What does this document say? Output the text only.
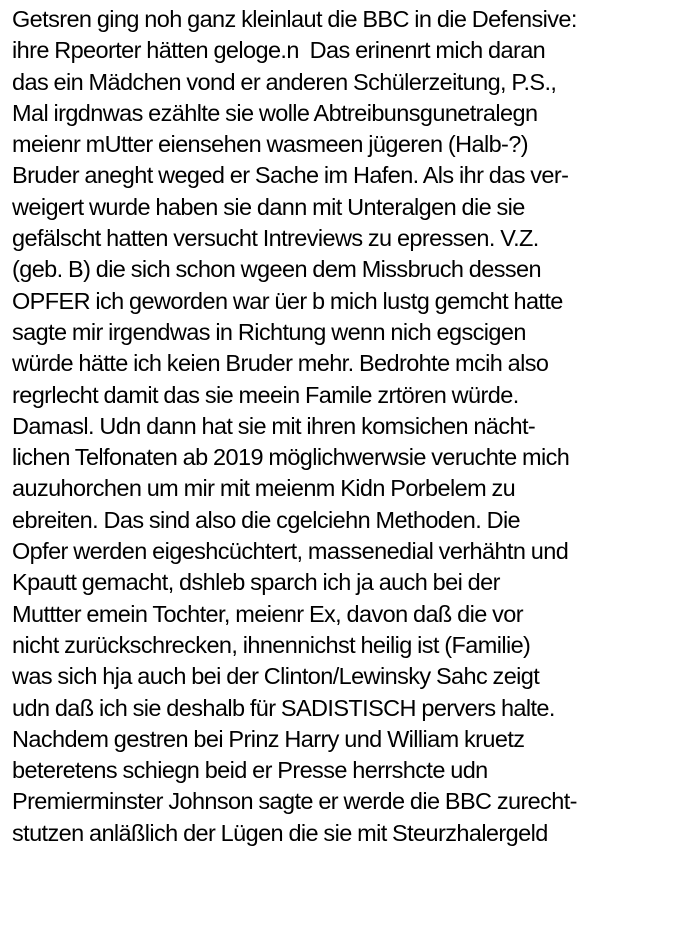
Getsren ging noh ganz kleinlaut die BBC in die Defensive:
ihre Rpeorter hätten geloge.n  Das erinenrt mich daran
das ein Mädchen vond er anderen Schülerzeitung, P.S.,
Mal irgdnwas ezählte sie wolle Abtreibunsgunetralegn
meienr mUtter eiensehen wasmeen jügeren (Halb-?)
Bruder aneght weged er Sache im Hafen. Als ihr das ver-
weigert wurde haben sie dann mit Unteralgen die sie
gefälscht hatten versucht Intreviews zu epressen. V.Z.
(geb. B) die sich schon wgeen dem Missbruch dessen
OPFER ich geworden war üer b mich lustg gemcht hatte
sagte mir irgendwas in Richtung wenn nich egscigen
würde hätte ich keien Bruder mehr. Bedrohte mcih also
regrlecht damit das sie meein Famile zrtören würde.
Damasl. Udn dann hat sie mit ihren komsichen nächt-
lichen Telfonaten ab 2019 möglichwerwsie veruchte mich
auzuhorchen um mir mit meienm Kidn Porbelem zu
ebreiten. Das sind also die cgelciehn Methoden. Die
Opfer werden eigeshcüchtert, massenedial verhähtn und
Kpautt gemacht, dshleb sparch ich ja auch bei der
Muttter emein Tochter, meienr Ex, davon daß die vor
nicht zurückschrecken, ihnennichst heilig ist (Familie)
was sich hja auch bei der Clinton/Lewinsky Sahc zeigt
udn daß ich sie deshalb für SADISTISCH pervers halte.
Nachdem gestren bei Prinz Harry und William kruetz
beteretens schiegn beid er Presse herrshcte udn
Premierminster Johnson sagte er werde die BBC zurecht-
stutzen anläßlich der Lügen die sie mit Steurzhalergeld
